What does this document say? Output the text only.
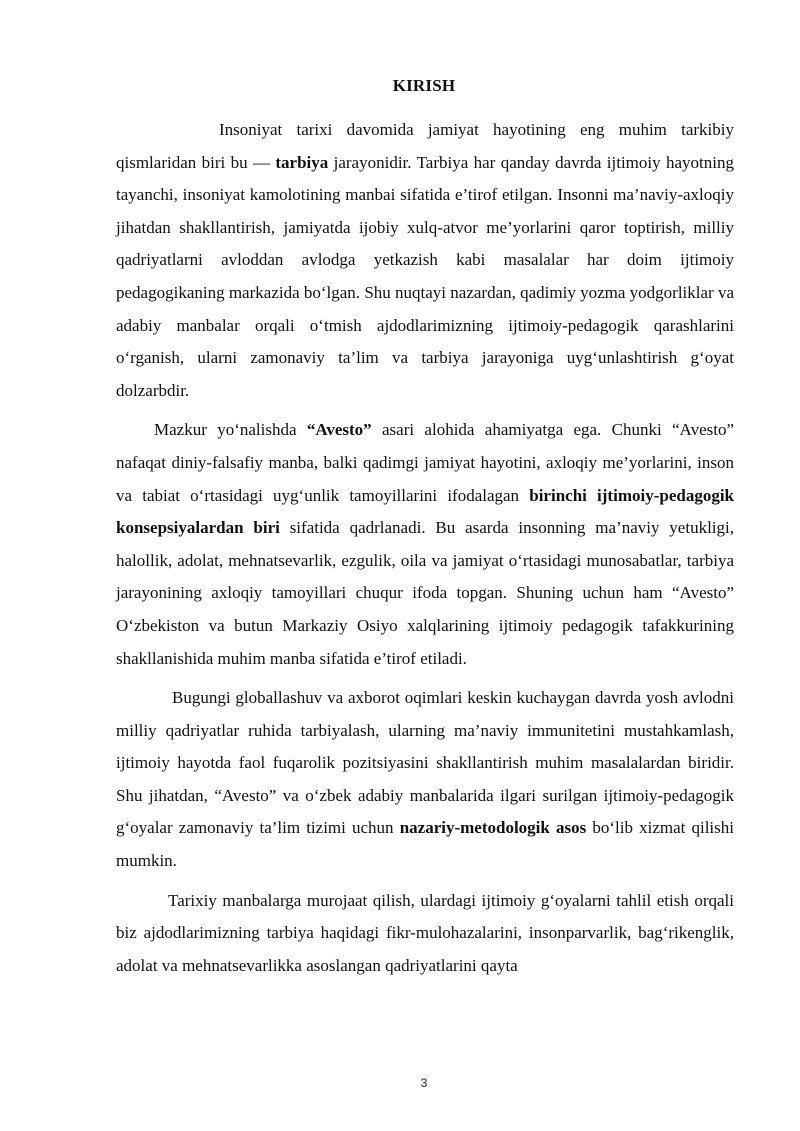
KIRISH

Insoniyat tarixi davomida jamiyat hayotining eng muhim tarkibiy qismlaridan biri bu — tarbiya jarayonidir. Tarbiya har qanday davrda ijtimoiy hayotning tayanchi, insoniyat kamolotining manbai sifatida e’tirof etilgan. Insonni ma’naviy-axloqiy jihatdan shakllantirish, jamiyatda ijobiy xulq-atvor me’yorlarini qaror toptirish, milliy qadriyatlarni avloddan avlodga yetkazish kabi masalalar har doim ijtimoiy pedagogikaning markazida bo‘lgan. Shu nuqtayi nazardan, qadimiy yozma yodgorliklar va adabiy manbalar orqali o‘tmish ajdodlarimizning ijtimoiy-pedagogik qarashlarini o‘rganish, ularni zamonaviy ta’lim va tarbiya jarayoniga uyg‘unlashtirish g‘oyat dolzarbdir.

Mazkur yo‘nalishda “Avesto” asari alohida ahamiyatga ega. Chunki “Avesto” nafaqat diniy-falsafiy manba, balki qadimgi jamiyat hayotini, axloqiy me’yorlarini, inson va tabiat o‘rtasidagi uyg‘unlik tamoyillarini ifodalagan birinchi ijtimoiy-pedagogik konsepsiyalardan biri sifatida qadrlanadi. Bu asarda insonning ma’naviy yetukligi, halollik, adolat, mehnatsevarlik, ezgulik, oila va jamiyat o‘rtasidagi munosabatlar, tarbiya jarayonining axloqiy tamoyillari chuqur ifoda topgan. Shuning uchun ham “Avesto” O‘zbekiston va butun Markaziy Osiyo xalqlarining ijtimoiy pedagogik tafakkurining shakllanishida muhim manba sifatida e’tirof etiladi.

Bugungi globallashuv va axborot oqimlari keskin kuchaygan davrda yosh avlodni milliy qadriyatlar ruhida tarbiyalash, ularning ma’naviy immunitetini mustahkamlash, ijtimoiy hayotda faol fuqarolik pozitsiyasini shakllantirish muhim masalalardan biridir. Shu jihatdan, “Avesto” va o‘zbek adabiy manbalarida ilgari surilgan ijtimoiy-pedagogik g‘oyalar zamonaviy ta’lim tizimi uchun nazariy-metodologik asos bo‘lib xizmat qilishi mumkin.

Tarixiy manbalarga murojaat qilish, ulardagi ijtimoiy g‘oyalarni tahlil etish orqali biz ajdodlarimizning tarbiya haqidagi fikr-mulohazalarini, insonparvarlik, bag‘rikenglik, adolat va mehnatsevarlikka asoslangan qadriyatlarini qayta

3
